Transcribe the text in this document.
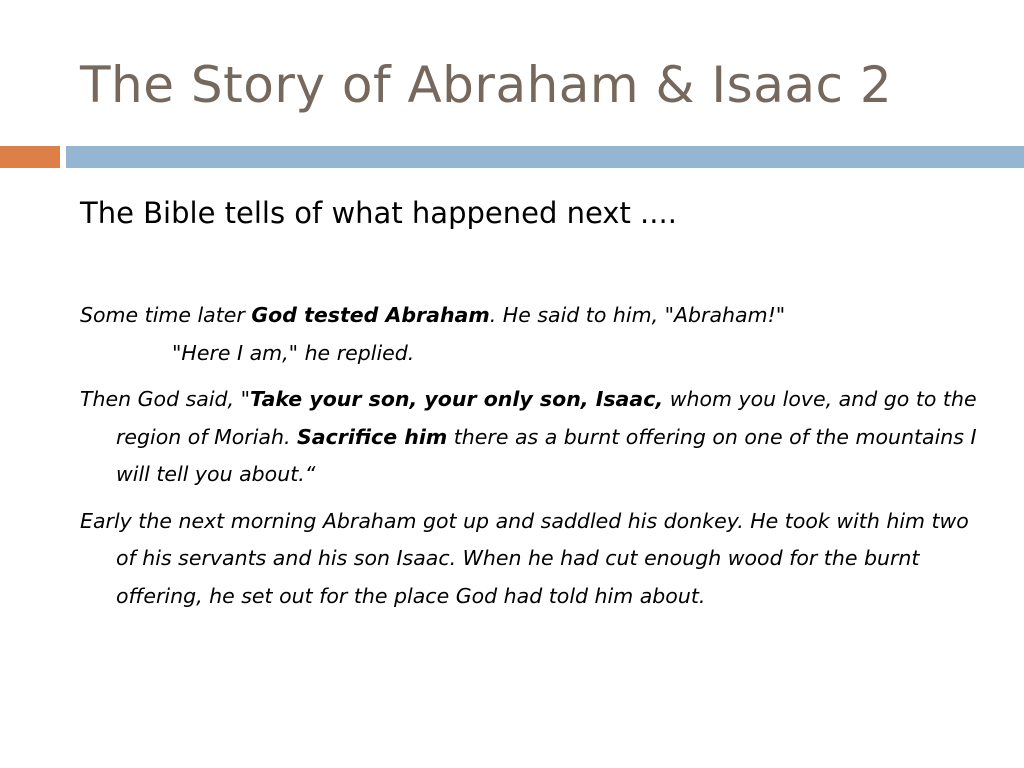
The Story of Abraham & Isaac 2
The Bible tells of what happened next ....

Some time later God tested Abraham. He said to him, "Abraham!"
"Here I am," he replied.

Then God said, "Take your son, your only son, Isaac, whom you love, and go to the region of Moriah. Sacrifice him there as a burnt offering on one of the mountains I will tell you about.“

Early the next morning Abraham got up and saddled his donkey. He took with him two of his servants and his son Isaac. When he had cut enough wood for the burnt offering, he set out for the place God had told him about.
